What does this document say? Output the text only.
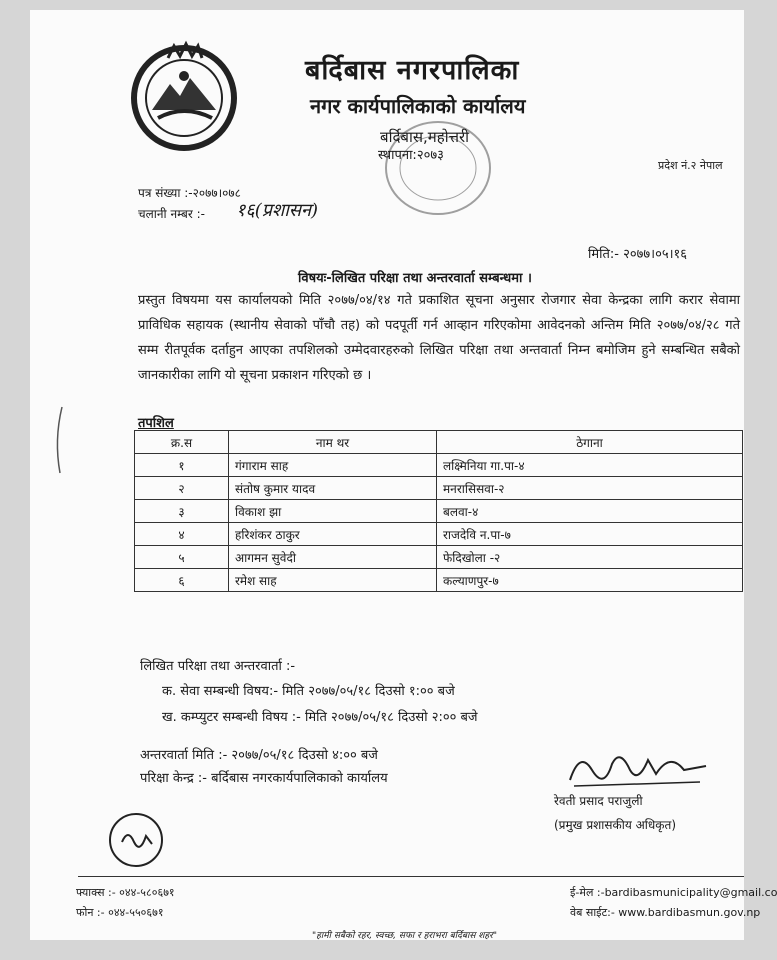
बर्दिबास नगरपालिका
नगर कार्यपालिकाको कार्यालय
बर्दिबास,महोत्तरी
स्थापना:२०७३
प्रदेश नं.२ नेपाल
पत्र संख्या :-२०७७।०७८
चलानी नम्बर :- १६(प्रशासन)
मिति:- २०७७।०५।१६
विषयः-लिखित परिक्षा तथा अन्तरवार्ता सम्बन्धमा ।
प्रस्तुत विषयमा यस कार्यालयको मिति २०७७/०४/१४ गते प्रकाशित सूचना अनुसार रोजगार सेवा केन्द्रका लागि करार सेवामा प्राविधिक सहायक (स्थानीय सेवाको पाँचौ तह) को पदपूर्ती गर्न आव्हान गरिएकोमा आवेदनको अन्तिम मिति २०७७/०४/२८ गते सम्म रीतपूर्वक दर्ताहुन आएका तपशिलको उम्मेदवारहरुको लिखित परिक्षा तथा अन्तवार्ता निम्न बमोजिम हुने सम्बन्धित सबैको जानकारीका लागि यो सूचना प्रकाशन गरिएको छ ।
तपशिल
क्र.स	नाम थर	ठेगाना
१	गंगाराम साह	लक्ष्मिनिया गा.पा-४
२	संतोष कुमार यादव	मनरासिसवा-२
३	विकाश झा	बलवा-४
४	हरिशंकर ठाकुर	राजदेवि न.पा-७
५	आगमन सुवेदी	फेदिखोला -२
६	रमेश साह	कल्याणपुर-७
लिखित परिक्षा तथा अन्तरवार्ता :-
क. सेवा सम्बन्धी विषय:- मिति २०७७/०५/१८ दिउसो १:०० बजे
ख. कम्प्युटर सम्बन्धी विषय :- मिति २०७७/०५/१८ दिउसो २:०० बजे
अन्तरवार्ता मिति :- २०७७/०५/१८ दिउसो ४:०० बजे
परिक्षा केन्द्र :- बर्दिबास नगरकार्यपालिकाको कार्यालय
रेवती प्रसाद पराजुली
(प्रमुख प्रशासकीय अधिकृत)
फ्याक्स :- ०४४-५८०६७१
फोन :- ०४४-५५०६७१
ई-मेल :-bardibasmunicipality@gmail.co
वेब साईट:- www.bardibasmun.gov.np
"हामी सबैको रहर, स्वच्छ, सफा र हराभरा बर्दिबास शहर"
